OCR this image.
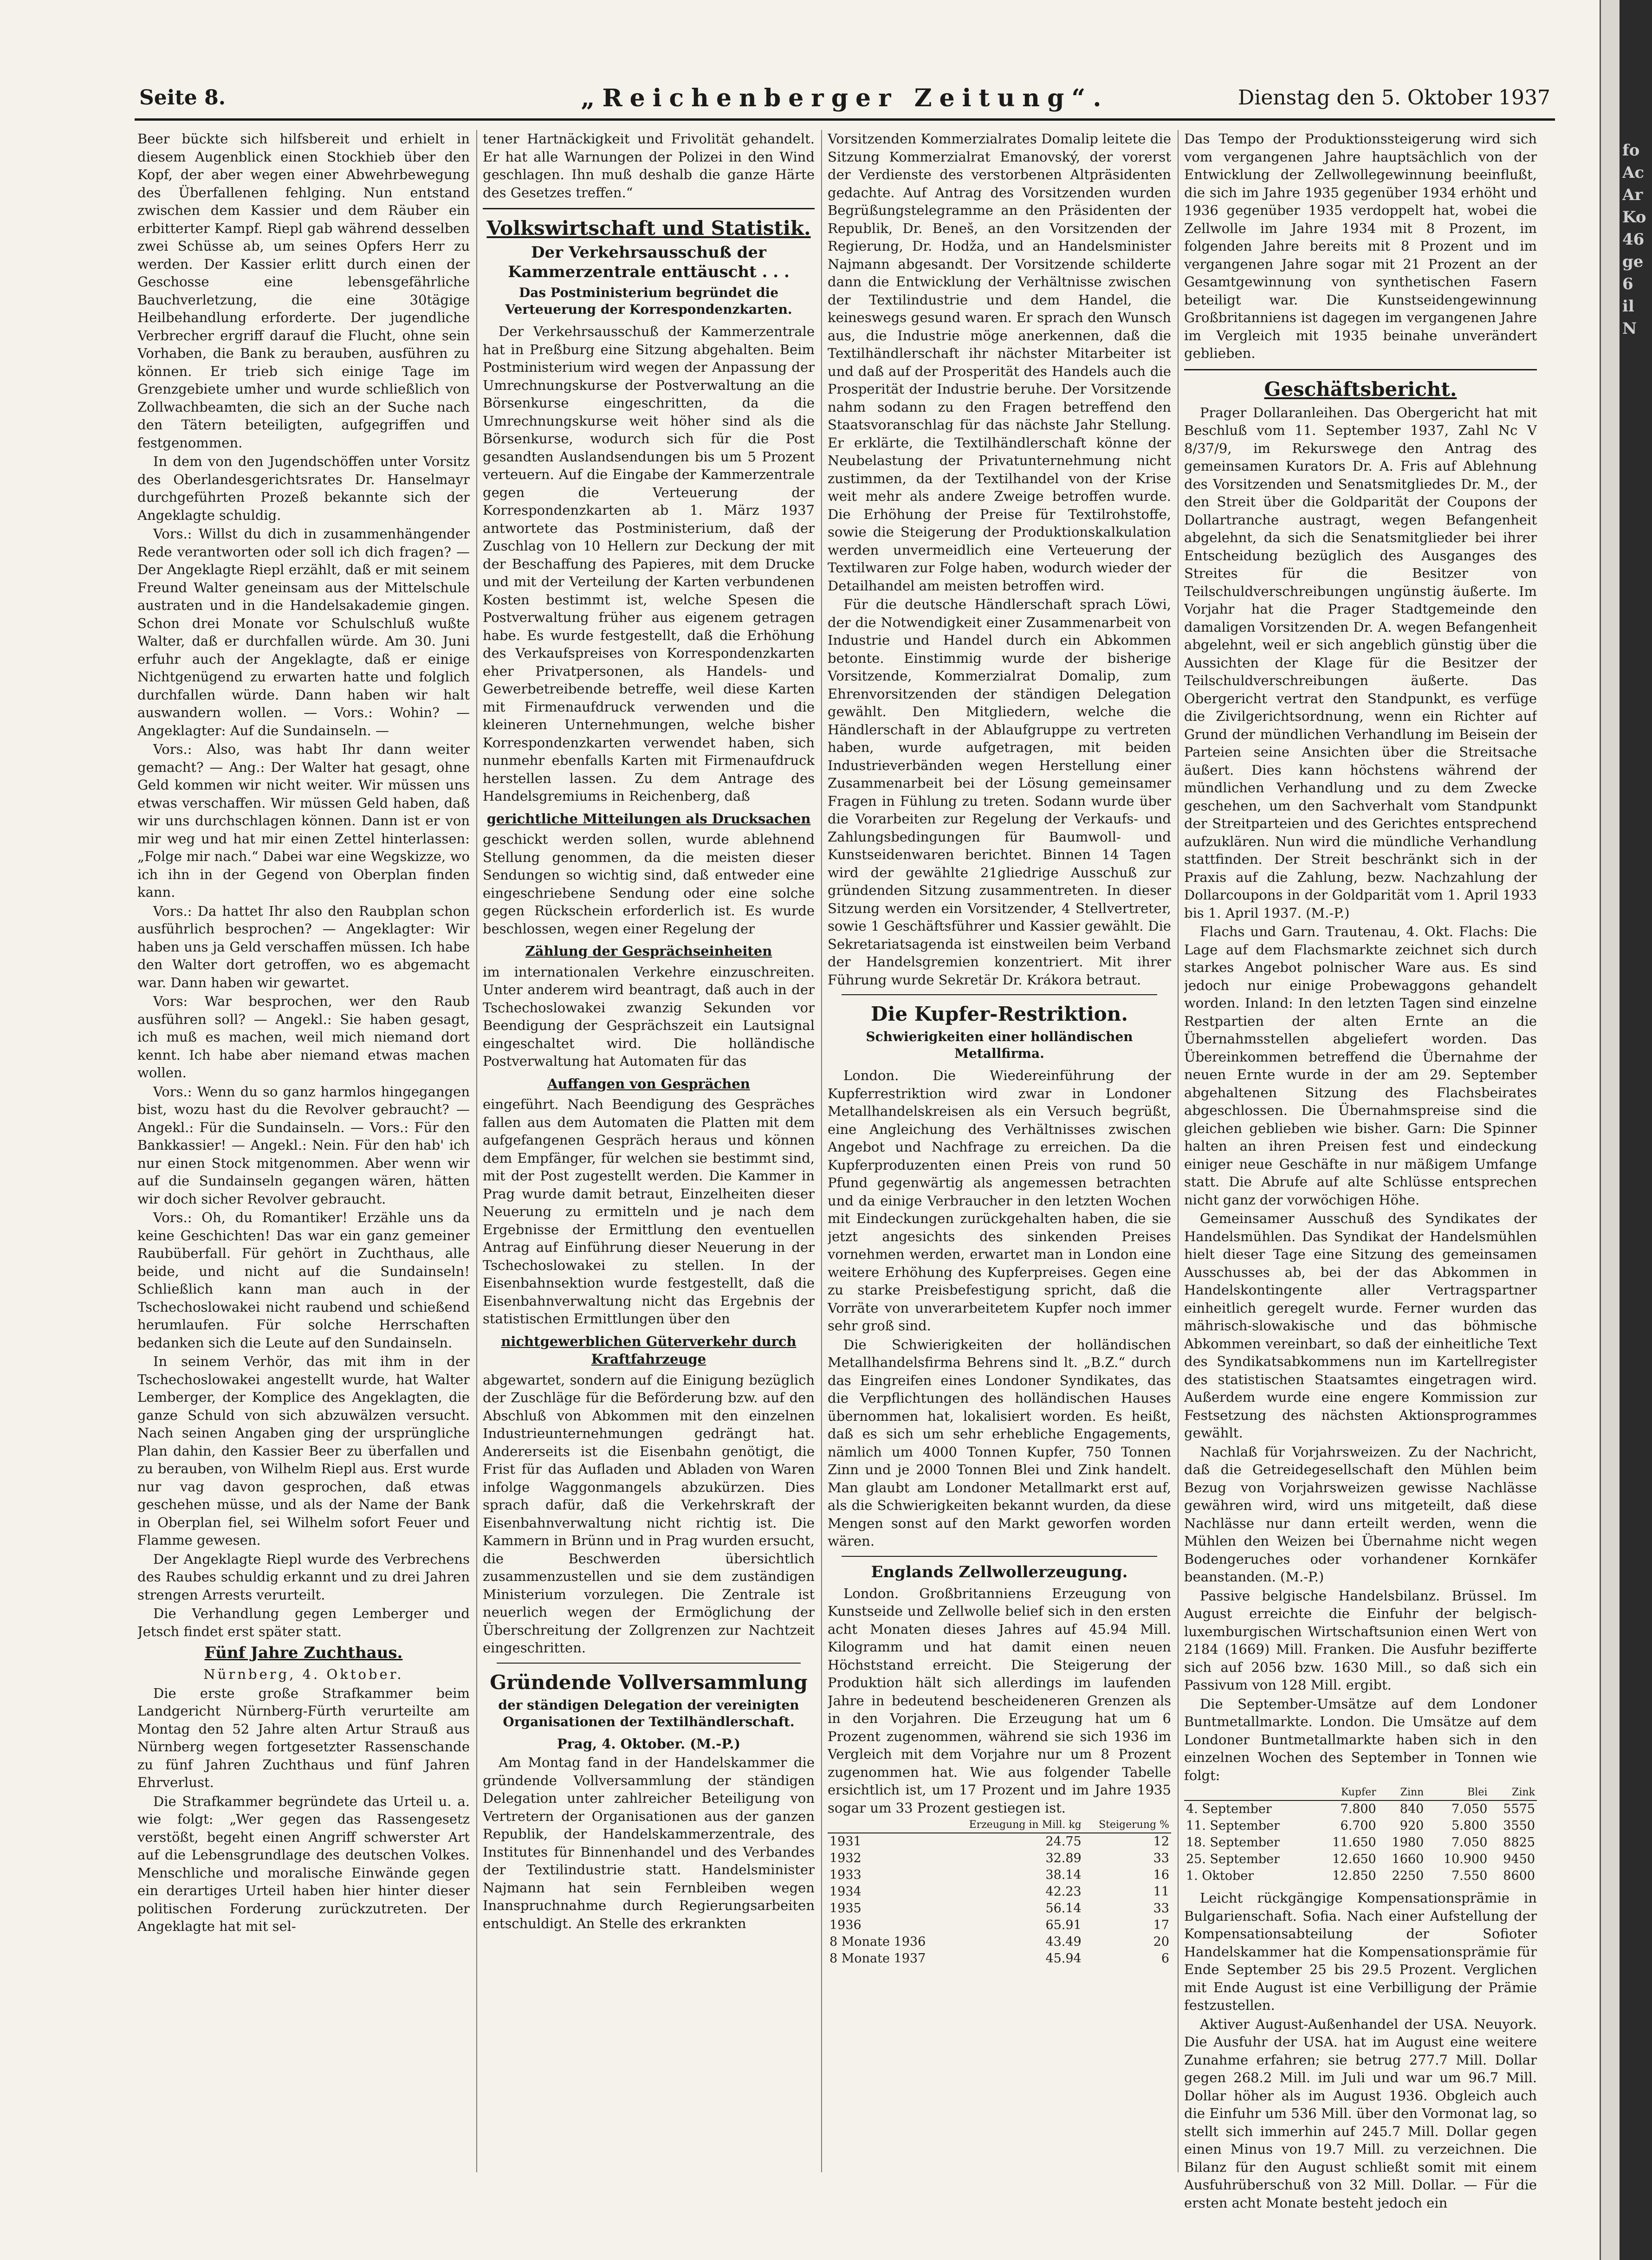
fo
Ac
Ar
Ko
46
ge
6
il
N
Seite 8.	„Reichenberger Zeitung“.	Dienstag den 5. Oktober 1937

Beer bückte sich hilfsbereit und erhielt in diesem Augenblick einen Stockhieb über den Kopf, der aber wegen einer Abwehrbewegung des Überfallenen fehlging. Nun entstand zwischen dem Kassier und dem Räuber ein erbitterter Kampf. Riepl gab während desselben zwei Schüsse ab, um seines Opfers Herr zu werden. Der Kassier erlitt durch einen der Geschosse eine lebensgefährliche Bauchverletzung, die eine 30tägige Heilbehandlung erforderte. Der jugendliche Verbrecher ergriff darauf die Flucht, ohne sein Vorhaben, die Bank zu berauben, ausführen zu können. Er trieb sich einige Tage im Grenzgebiete umher und wurde schließlich von Zollwachbeamten, die sich an der Suche nach den Tätern beteiligten, aufgegriffen und festgenommen.

In dem von den Jugendschöffen unter Vorsitz des Oberlandesgerichtsrates Dr. Hanselmayr durchgeführten Prozeß bekannte sich der Angeklagte schuldig.

Vors.: Willst du dich in zusammenhängender Rede verantworten oder soll ich dich fragen? — Der Angeklagte Riepl erzählt, daß er mit seinem Freund Walter geneinsam aus der Mittelschule austraten und in die Handelsakademie gingen. Schon drei Monate vor Schulschluß wußte Walter, daß er durchfallen würde. Am 30. Juni erfuhr auch der Angeklagte, daß er einige Nichtgenügend zu erwarten hatte und folglich durchfallen würde. Dann haben wir halt auswandern wollen. — Vors.: Wohin? — Angeklagter: Auf die Sundainseln. —

Vors.: Also, was habt Ihr dann weiter gemacht? — Ang.: Der Walter hat gesagt, ohne Geld kommen wir nicht weiter. Wir müssen uns etwas verschaffen. Wir müssen Geld haben, daß wir uns durchschlagen können. Dann ist er von mir weg und hat mir einen Zettel hinterlassen: „Folge mir nach.“ Dabei war eine Wegskizze, wo ich ihn in der Gegend von Oberplan finden kann.

Vors.: Da hattet Ihr also den Raubplan schon ausführlich besprochen? — Angeklagter: Wir haben uns ja Geld verschaffen müssen. Ich habe den Walter dort getroffen, wo es abgemacht war. Dann haben wir gewartet.

Vors: War besprochen, wer den Raub ausführen soll? — Angekl.: Sie haben gesagt, ich muß es machen, weil mich niemand dort kennt. Ich habe aber niemand etwas machen wollen.

Vors.: Wenn du so ganz harmlos hingegangen bist, wozu hast du die Revolver gebraucht? — Angekl.: Für die Sundainseln. — Vors.: Für den Bankkassier! — Angekl.: Nein. Für den hab' ich nur einen Stock mitgenommen. Aber wenn wir auf die Sundainseln gegangen wären, hätten wir doch sicher Revolver gebraucht.

Vors.: Oh, du Romantiker! Erzähle uns da keine Geschichten! Das war ein ganz gemeiner Raubüberfall. Für gehört in Zuchthaus, alle beide, und nicht auf die Sundainseln! Schließlich kann man auch in der Tschechoslowakei nicht raubend und schießend herumlaufen. Für solche Herrschaften bedanken sich die Leute auf den Sundainseln.

In seinem Verhör, das mit ihm in der Tschechoslowakei angestellt wurde, hat Walter Lemberger, der Komplice des Angeklagten, die ganze Schuld von sich abzuwälzen versucht. Nach seinen Angaben ging der ursprüngliche Plan dahin, den Kassier Beer zu überfallen und zu berauben, von Wilhelm Riepl aus. Erst wurde nur vag davon gesprochen, daß etwas geschehen müsse, und als der Name der Bank in Oberplan fiel, sei Wilhelm sofort Feuer und Flamme gewesen.

Der Angeklagte Riepl wurde des Verbrechens des Raubes schuldig erkannt und zu drei Jahren strengen Arrests verurteilt.

Die Verhandlung gegen Lemberger und Jetsch findet erst später statt.

Fünf Jahre Zuchthaus.

Nürnberg, 4. Oktober.

Die erste große Strafkammer beim Landgericht Nürnberg-Fürth verurteilte am Montag den 52 Jahre alten Artur Strauß aus Nürnberg wegen fortgesetzter Rassenschande zu fünf Jahren Zuchthaus und fünf Jahren Ehrverlust.

Die Strafkammer begründete das Urteil u. a. wie folgt: „Wer gegen das Rassengesetz verstößt, begeht einen Angriff schwerster Art auf die Lebensgrundlage des deutschen Volkes. Menschliche und moralische Einwände gegen ein derartiges Urteil haben hier hinter dieser politischen Forderung zurückzutreten. Der Angeklagte hat mit sel-

tener Hartnäckigkeit und Frivolität gehandelt. Er hat alle Warnungen der Polizei in den Wind geschlagen. Ihn muß deshalb die ganze Härte des Gesetzes treffen.“

Volkswirtschaft und Statistik.
Der Verkehrsausschuß der Kammerzentrale enttäuscht . . .
Das Postministerium begründet die Verteuerung der Korrespondenzkarten.

Der Verkehrsausschuß der Kammerzentrale hat in Preßburg eine Sitzung abgehalten. Beim Postministerium wird wegen der Anpassung der Umrechnungskurse der Postverwaltung an die Börsenkurse eingeschritten, da die Umrechnungskurse weit höher sind als die Börsenkurse, wodurch sich für die Post gesandten Auslandsendungen bis um 5 Prozent verteuern. Auf die Eingabe der Kammerzentrale gegen die Verteuerung der Korrespondenzkarten ab 1. März 1937 antwortete das Postministerium, daß der Zuschlag von 10 Hellern zur Deckung der mit der Beschaffung des Papieres, mit dem Drucke und mit der Verteilung der Karten verbundenen Kosten bestimmt ist, welche Spesen die Postverwaltung früher aus eigenem getragen habe. Es wurde festgestellt, daß die Erhöhung des Verkaufspreises von Korrespondenzkarten eher Privatpersonen, als Handels- und Gewerbetreibende betreffe, weil diese Karten mit Firmenaufdruck verwenden und die kleineren Unternehmungen, welche bisher Korrespondenzkarten verwendet haben, sich nunmehr ebenfalls Karten mit Firmenaufdruck herstellen lassen. Zu dem Antrage des Handelsgremiums in Reichenberg, daß

gerichtliche Mitteilungen als Drucksachen

geschickt werden sollen, wurde ablehnend Stellung genommen, da die meisten dieser Sendungen so wichtig sind, daß entweder eine eingeschriebene Sendung oder eine solche gegen Rückschein erforderlich ist. Es wurde beschlossen, wegen einer Regelung der

Zählung der Gesprächseinheiten

im internationalen Verkehre einzuschreiten. Unter anderem wird beantragt, daß auch in der Tschechoslowakei zwanzig Sekunden vor Beendigung der Gesprächszeit ein Lautsignal eingeschaltet wird. Die holländische Postverwaltung hat Automaten für das

Auffangen von Gesprächen

eingeführt. Nach Beendigung des Gespräches fallen aus dem Automaten die Platten mit dem aufgefangenen Gespräch heraus und können dem Empfänger, für welchen sie bestimmt sind, mit der Post zugestellt werden. Die Kammer in Prag wurde damit betraut, Einzelheiten dieser Neuerung zu ermitteln und je nach dem Ergebnisse der Ermittlung den eventuellen Antrag auf Einführung dieser Neuerung in der Tschechoslowakei zu stellen. In der Eisenbahnsektion wurde festgestellt, daß die Eisenbahnverwaltung nicht das Ergebnis der statistischen Ermittlungen über den

nichtgewerblichen Güterverkehr durch Kraftfahrzeuge

abgewartet, sondern auf die Einigung bezüglich der Zuschläge für die Beförderung bzw. auf den Abschluß von Abkommen mit den einzelnen Industrieunternehmungen gedrängt hat. Andererseits ist die Eisenbahn genötigt, die Frist für das Aufladen und Abladen von Waren infolge Waggonmangels abzukürzen. Dies sprach dafür, daß die Verkehrskraft der Eisenbahnverwaltung nicht richtig ist. Die Kammern in Brünn und in Prag wurden ersucht, die Beschwerden übersichtlich zusammenzustellen und sie dem zuständigen Ministerium vorzulegen. Die Zentrale ist neuerlich wegen der Ermöglichung der Überschreitung der Zollgrenzen zur Nachtzeit eingeschritten.

Gründende Vollversammlung
der ständigen Delegation der vereinigten Organisationen der Textilhändlerschaft.

Prag, 4. Oktober. (M.-P.)

Am Montag fand in der Handelskammer die gründende Vollversammlung der ständigen Delegation unter zahlreicher Beteiligung von Vertretern der Organisationen aus der ganzen Republik, der Handelskammerzentrale, des Institutes für Binnenhandel und des Verbandes der Textilindustrie statt. Handelsminister Najmann hat sein Fernbleiben wegen Inanspruchnahme durch Regierungsarbeiten entschuldigt. An Stelle des erkrankten

Vorsitzenden Kommerzialrates Domalip leitete die Sitzung Kommerzialrat Emanovský, der vorerst der Verdienste des verstorbenen Altpräsidenten gedachte. Auf Antrag des Vorsitzenden wurden Begrüßungstelegramme an den Präsidenten der Republik, Dr. Beneš, an den Vorsitzenden der Regierung, Dr. Hodža, und an Handelsminister Najmann abgesandt. Der Vorsitzende schilderte dann die Entwicklung der Verhältnisse zwischen der Textilindustrie und dem Handel, die keineswegs gesund waren. Er sprach den Wunsch aus, die Industrie möge anerkennen, daß die Textilhändlerschaft ihr nächster Mitarbeiter ist und daß auf der Prosperität des Handels auch die Prosperität der Industrie beruhe. Der Vorsitzende nahm sodann zu den Fragen betreffend den Staatsvoranschlag für das nächste Jahr Stellung. Er erklärte, die Textilhändlerschaft könne der Neubelastung der Privatunternehmung nicht zustimmen, da der Textilhandel von der Krise weit mehr als andere Zweige betroffen wurde. Die Erhöhung der Preise für Textilrohstoffe, sowie die Steigerung der Produktionskalkulation werden unvermeidlich eine Verteuerung der Textilwaren zur Folge haben, wodurch wieder der Detailhandel am meisten betroffen wird.

Für die deutsche Händlerschaft sprach Löwi, der die Notwendigkeit einer Zusammenarbeit von Industrie und Handel durch ein Abkommen betonte. Einstimmig wurde der bisherige Vorsitzende, Kommerzialrat Domalip, zum Ehrenvorsitzenden der ständigen Delegation gewählt. Den Mitgliedern, welche die Händlerschaft in der Ablaufgruppe zu vertreten haben, wurde aufgetragen, mit beiden Industrieverbänden wegen Herstellung einer Zusammenarbeit bei der Lösung gemeinsamer Fragen in Fühlung zu treten. Sodann wurde über die Vorarbeiten zur Regelung der Verkaufs- und Zahlungsbedingungen für Baumwoll- und Kunstseidenwaren berichtet. Binnen 14 Tagen wird der gewählte 21gliedrige Ausschuß zur gründenden Sitzung zusammentreten. In dieser Sitzung werden ein Vorsitzender, 4 Stellvertreter, sowie 1 Geschäftsführer und Kassier gewählt. Die Sekretariatsagenda ist einstweilen beim Verband der Handelsgremien konzentriert. Mit ihrer Führung wurde Sekretär Dr. Krákora betraut.

Die Kupfer-Restriktion.
Schwierigkeiten einer holländischen Metallfirma.

London. Die Wiedereinführung der Kupferrestriktion wird zwar in Londoner Metallhandelskreisen als ein Versuch begrüßt, eine Angleichung des Verhältnisses zwischen Angebot und Nachfrage zu erreichen. Da die Kupferproduzenten einen Preis von rund 50 Pfund gegenwärtig als angemessen betrachten und da einige Verbraucher in den letzten Wochen mit Eindeckungen zurückgehalten haben, die sie jetzt angesichts des sinkenden Preises vornehmen werden, erwartet man in London eine weitere Erhöhung des Kupferpreises. Gegen eine zu starke Preisbefestigung spricht, daß die Vorräte von unverarbeitetem Kupfer noch immer sehr groß sind.

Die Schwierigkeiten der holländischen Metallhandelsfirma Behrens sind lt. „B.Z.“ durch das Eingreifen eines Londoner Syndikates, das die Verpflichtungen des holländischen Hauses übernommen hat, lokalisiert worden. Es heißt, daß es sich um sehr erhebliche Engagements, nämlich um 4000 Tonnen Kupfer, 750 Tonnen Zinn und je 2000 Tonnen Blei und Zink handelt. Man glaubt am Londoner Metallmarkt erst auf, als die Schwierigkeiten bekannt wurden, da diese Mengen sonst auf den Markt geworfen worden wären.

Englands Zellwollerzeugung.

London. Großbritanniens Erzeugung von Kunstseide und Zellwolle belief sich in den ersten acht Monaten dieses Jahres auf 45.94 Mill. Kilogramm und hat damit einen neuen Höchststand erreicht. Die Steigerung der Produktion hält sich allerdings im laufenden Jahre in bedeutend bescheideneren Grenzen als in den Vorjahren. Die Erzeugung hat um 6 Prozent zugenommen, während sie sich 1936 im Vergleich mit dem Vorjahre nur um 8 Prozent zugenommen hat. Wie aus folgender Tabelle ersichtlich ist, um 17 Prozent und im Jahre 1935 sogar um 33 Prozent gestiegen ist.

	Erzeugung in Mill. kg	Steigerung %
1931	24.75	12
1932	32.89	33
1933	38.14	16
1934	42.23	11
1935	56.14	33
1936	65.91	17
8 Monate 1936	43.49	20
8 Monate 1937	45.94	6

Das Tempo der Produktionssteigerung wird sich vom vergangenen Jahre hauptsächlich von der Entwicklung der Zellwollegewinnung beeinflußt, die sich im Jahre 1935 gegenüber 1934 erhöht und 1936 gegenüber 1935 verdoppelt hat, wobei die Zellwolle im Jahre 1934 mit 8 Prozent, im folgenden Jahre bereits mit 8 Prozent und im vergangenen Jahre sogar mit 21 Prozent an der Gesamtgewinnung von synthetischen Fasern beteiligt war. Die Kunstseidengewinnung Großbritanniens ist dagegen im vergangenen Jahre im Vergleich mit 1935 beinahe unverändert geblieben.

Geschäftsbericht.

Prager Dollaranleihen. Das Obergericht hat mit Beschluß vom 11. September 1937, Zahl Nc V 8/37/9, im Rekurswege den Antrag des gemeinsamen Kurators Dr. A. Fris auf Ablehnung des Vorsitzenden und Senatsmitgliedes Dr. M., der den Streit über die Goldparität der Coupons der Dollartranche austragt, wegen Befangenheit abgelehnt, da sich die Senatsmitglieder bei ihrer Entscheidung bezüglich des Ausganges des Streites für die Besitzer von Teilschuldverschreibungen ungünstig äußerte. Im Vorjahr hat die Prager Stadtgemeinde den damaligen Vorsitzenden Dr. A. wegen Befangenheit abgelehnt, weil er sich angeblich günstig über die Aussichten der Klage für die Besitzer der Teilschuldverschreibungen äußerte. Das Obergericht vertrat den Standpunkt, es verfüge die Zivilgerichtsordnung, wenn ein Richter auf Grund der mündlichen Verhandlung im Beisein der Parteien seine Ansichten über die Streitsache äußert. Dies kann höchstens während der mündlichen Verhandlung und zu dem Zwecke geschehen, um den Sachverhalt vom Standpunkt der Streitparteien und des Gerichtes entsprechend aufzuklären. Nun wird die mündliche Verhandlung stattfinden. Der Streit beschränkt sich in der Praxis auf die Zahlung, bezw. Nachzahlung der Dollarcoupons in der Goldparität vom 1. April 1933 bis 1. April 1937. (M.-P.)

Flachs und Garn. Trautenau, 4. Okt. Flachs: Die Lage auf dem Flachsmarkte zeichnet sich durch starkes Angebot polnischer Ware aus. Es sind jedoch nur einige Probewaggons gehandelt worden. Inland: In den letzten Tagen sind einzelne Restpartien der alten Ernte an die Übernahmsstellen abgeliefert worden. Das Übereinkommen betreffend die Übernahme der neuen Ernte wurde in der am 29. September abgehaltenen Sitzung des Flachsbeirates abgeschlossen. Die Übernahmspreise sind die gleichen geblieben wie bisher. Garn: Die Spinner halten an ihren Preisen fest und eindeckung einiger neue Geschäfte in nur mäßigem Umfange statt. Die Abrufe auf alte Schlüsse entsprechen nicht ganz der vorwöchigen Höhe.

Gemeinsamer Ausschuß des Syndikates der Handelsmühlen. Das Syndikat der Handelsmühlen hielt dieser Tage eine Sitzung des gemeinsamen Ausschusses ab, bei der das Abkommen in Handelskontingente aller Vertragspartner einheitlich geregelt wurde. Ferner wurden das mährisch-slowakische und das böhmische Abkommen vereinbart, so daß der einheitliche Text des Syndikatsabkommens nun im Kartellregister des statistischen Staatsamtes eingetragen wird. Außerdem wurde eine engere Kommission zur Festsetzung des nächsten Aktionsprogrammes gewählt.

Nachlaß für Vorjahrsweizen. Zu der Nachricht, daß die Getreidegesellschaft den Mühlen beim Bezug von Vorjahrsweizen gewisse Nachlässe gewähren wird, wird uns mitgeteilt, daß diese Nachlässe nur dann erteilt werden, wenn die Mühlen den Weizen bei Übernahme nicht wegen Bodengeruches oder vorhandener Kornkäfer beanstanden. (M.-P.)

Passive belgische Handelsbilanz. Brüssel. Im August erreichte die Einfuhr der belgisch-luxemburgischen Wirtschaftsunion einen Wert von 2184 (1669) Mill. Franken. Die Ausfuhr bezifferte sich auf 2056 bzw. 1630 Mill., so daß sich ein Passivum von 128 Mill. ergibt.

Die September-Umsätze auf dem Londoner Buntmetallmarkte. London. Die Umsätze auf dem Londoner Buntmetallmarkte haben sich in den einzelnen Wochen des September in Tonnen wie folgt:

	Kupfer	Zinn	Blei	Zink
4. September	7.800	840	7.050	5575
11. September	6.700	920	5.800	3550
18. September	11.650	1980	7.050	8825
25. September	12.650	1660	10.900	9450
1. Oktober	12.850	2250	7.550	8600

Leicht rückgängige Kompensationsprämie in Bulgarienschaft. Sofia. Nach einer Aufstellung der Kompensationsabteilung der Sofioter Handelskammer hat die Kompensationsprämie für Ende September 25 bis 29.5 Prozent. Verglichen mit Ende August ist eine Verbilligung der Prämie festzustellen.

Aktiver August-Außenhandel der USA. Neuyork. Die Ausfuhr der USA. hat im August eine weitere Zunahme erfahren; sie betrug 277.7 Mill. Dollar gegen 268.2 Mill. im Juli und war um 96.7 Mill. Dollar höher als im August 1936. Obgleich auch die Einfuhr um 536 Mill. über den Vormonat lag, so stellt sich immerhin auf 245.7 Mill. Dollar gegen einen Minus von 19.7 Mill. zu verzeichnen. Die Bilanz für den August schließt somit mit einem Ausfuhrüberschuß von 32 Mill. Dollar. — Für die ersten acht Monate besteht jedoch ein
